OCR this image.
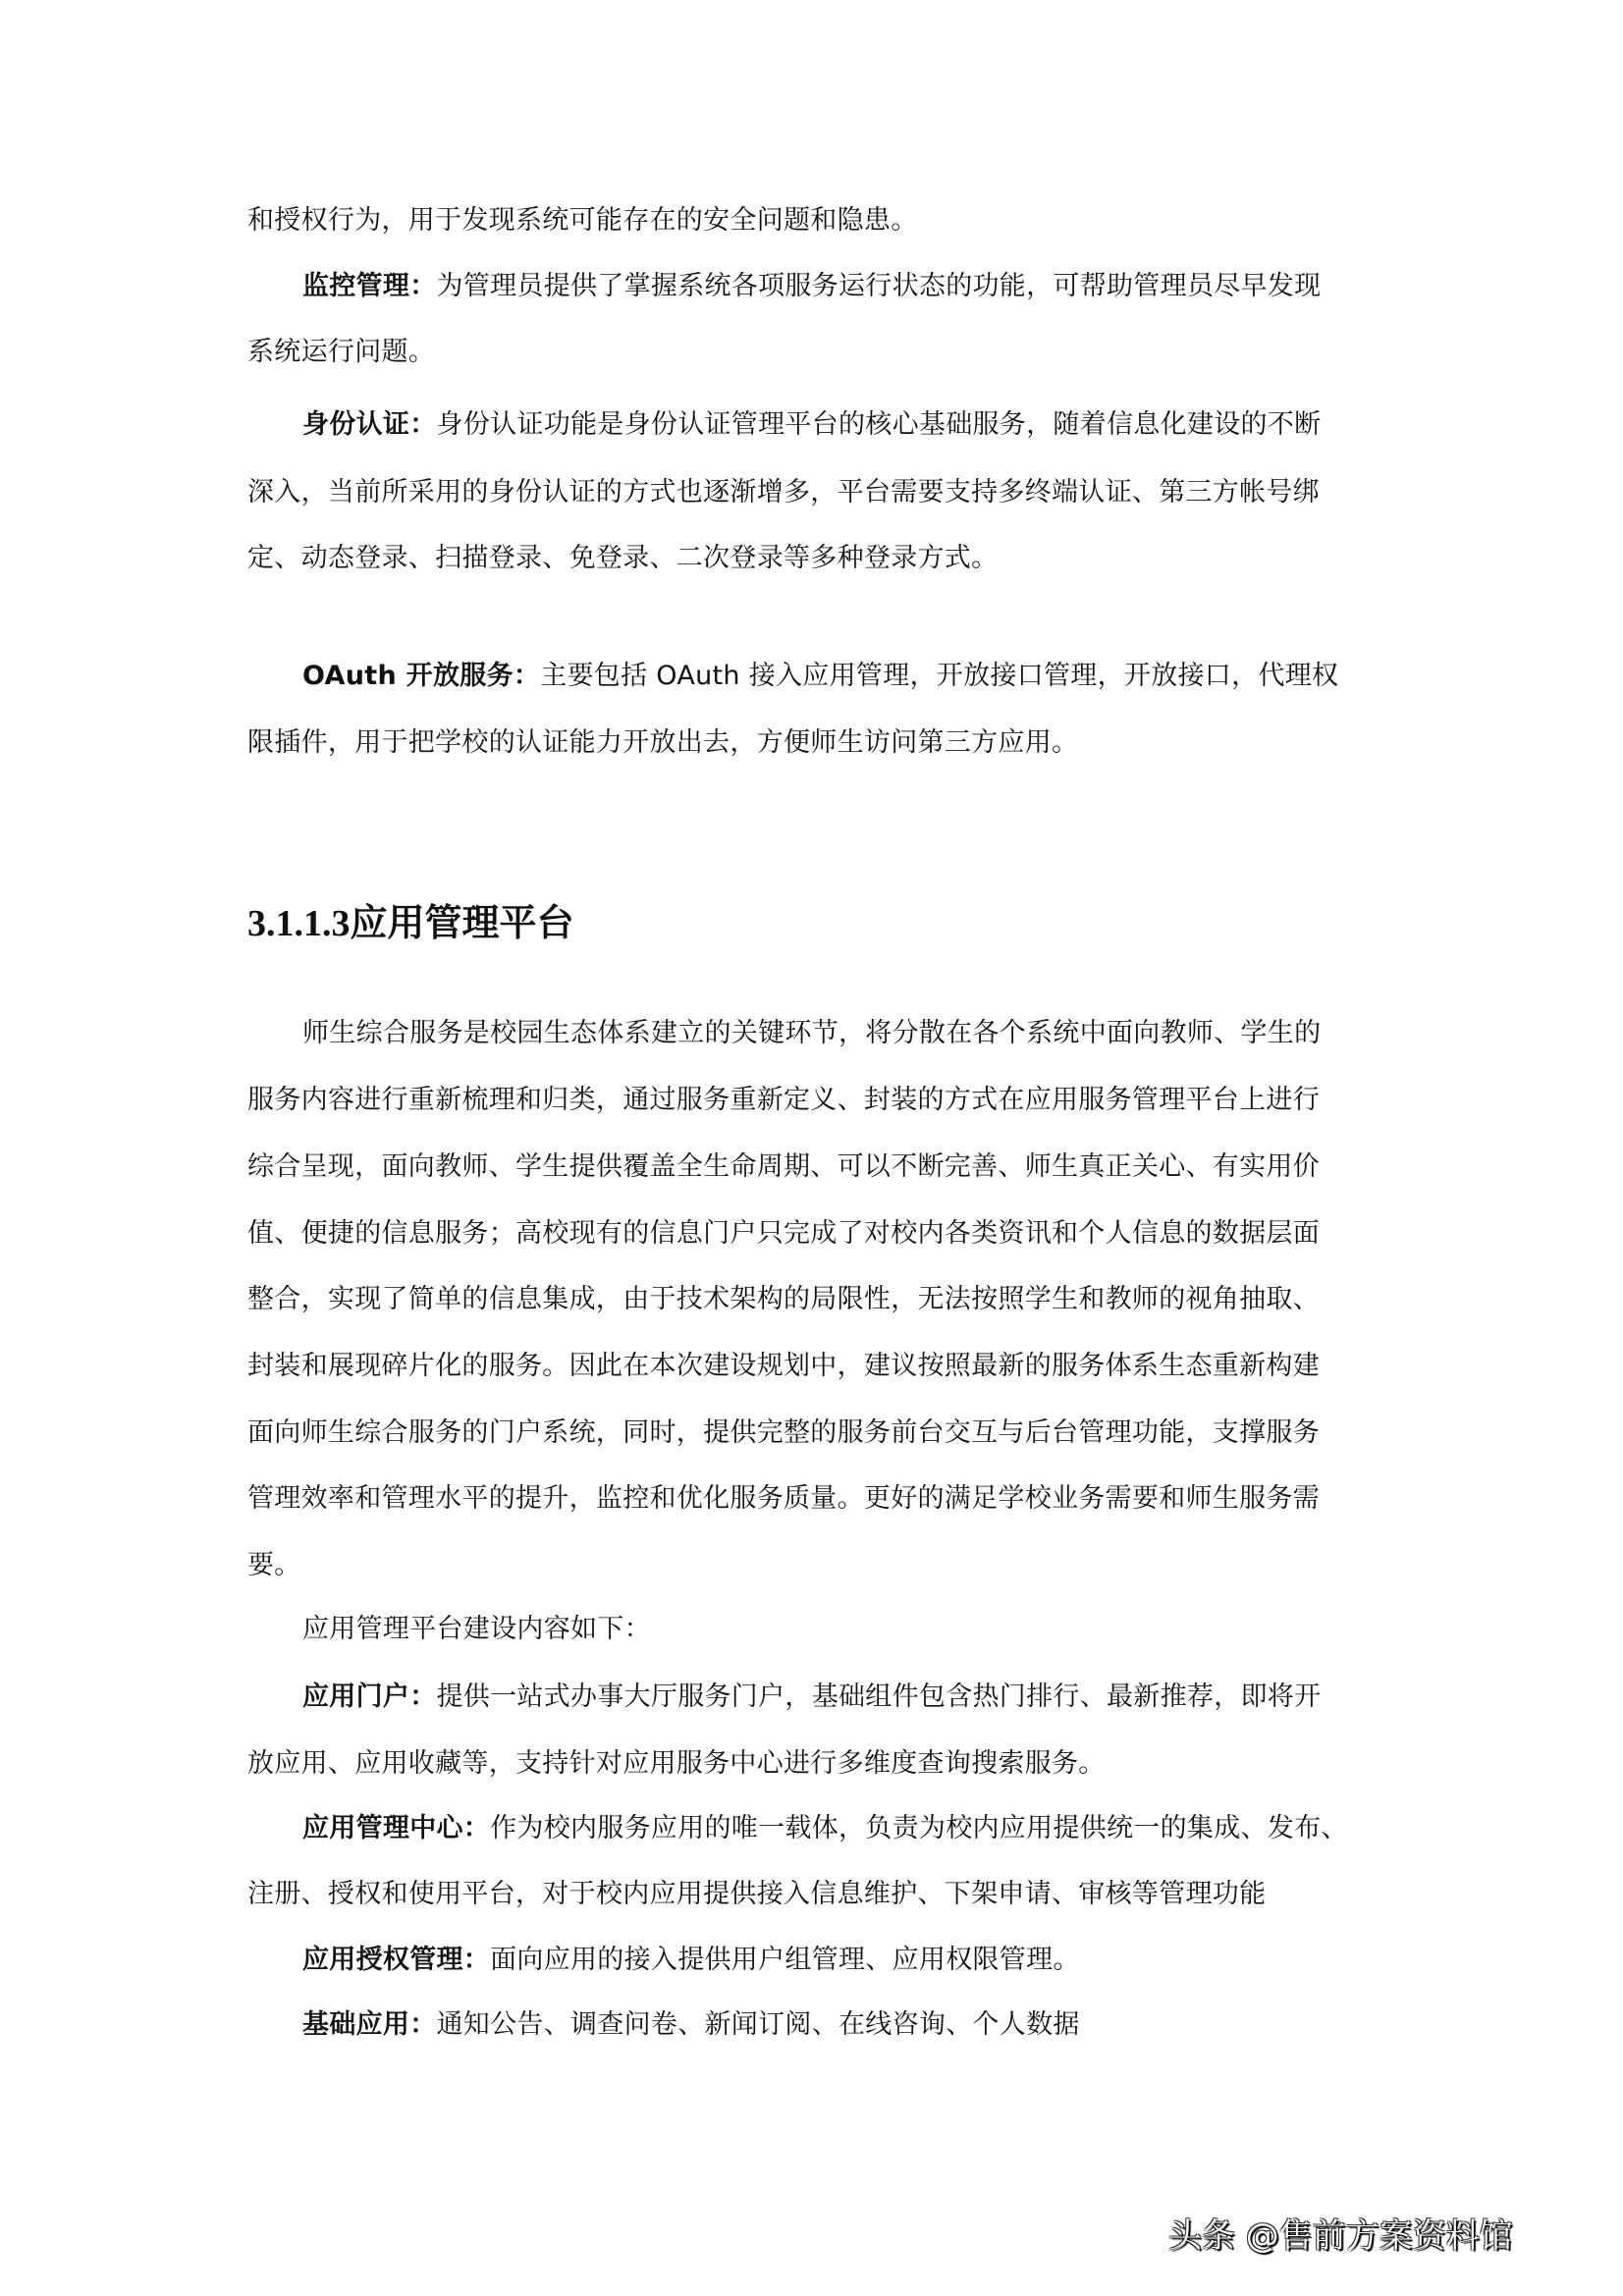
和授权行为，用于发现系统可能存在的安全问题和隐患。
监控管理：为管理员提供了掌握系统各项服务运行状态的功能，可帮助管理员尽早发现
系统运行问题。
身份认证：身份认证功能是身份认证管理平台的核心基础服务，随着信息化建设的不断
深入，当前所采用的身份认证的方式也逐渐增多，平台需要支持多终端认证、第三方帐号绑
定、动态登录、扫描登录、免登录、二次登录等多种登录方式。
OAuth 开放服务：主要包括 OAuth 接入应用管理，开放接口管理，开放接口，代理权
限插件，用于把学校的认证能力开放出去，方便师生访问第三方应用。
3.1.1.3应用管理平台
师生综合服务是校园生态体系建立的关键环节，将分散在各个系统中面向教师、学生的
服务内容进行重新梳理和归类，通过服务重新定义、封装的方式在应用服务管理平台上进行
综合呈现，面向教师、学生提供覆盖全生命周期、可以不断完善、师生真正关心、有实用价
值、便捷的信息服务；高校现有的信息门户只完成了对校内各类资讯和个人信息的数据层面
整合，实现了简单的信息集成，由于技术架构的局限性，无法按照学生和教师的视角抽取、
封装和展现碎片化的服务。因此在本次建设规划中，建议按照最新的服务体系生态重新构建
面向师生综合服务的门户系统，同时，提供完整的服务前台交互与后台管理功能，支撑服务
管理效率和管理水平的提升，监控和优化服务质量。更好的满足学校业务需要和师生服务需
要。
应用管理平台建设内容如下：
应用门户：提供一站式办事大厅服务门户，基础组件包含热门排行、最新推荐，即将开
放应用、应用收藏等，支持针对应用服务中心进行多维度查询搜索服务。
应用管理中心：作为校内服务应用的唯一载体，负责为校内应用提供统一的集成、发布、
注册、授权和使用平台，对于校内应用提供接入信息维护、下架申请、审核等管理功能
应用授权管理：面向应用的接入提供用户组管理、应用权限管理。
基础应用：通知公告、调查问卷、新闻订阅、在线咨询、个人数据
头条 @售前方案资料馆
